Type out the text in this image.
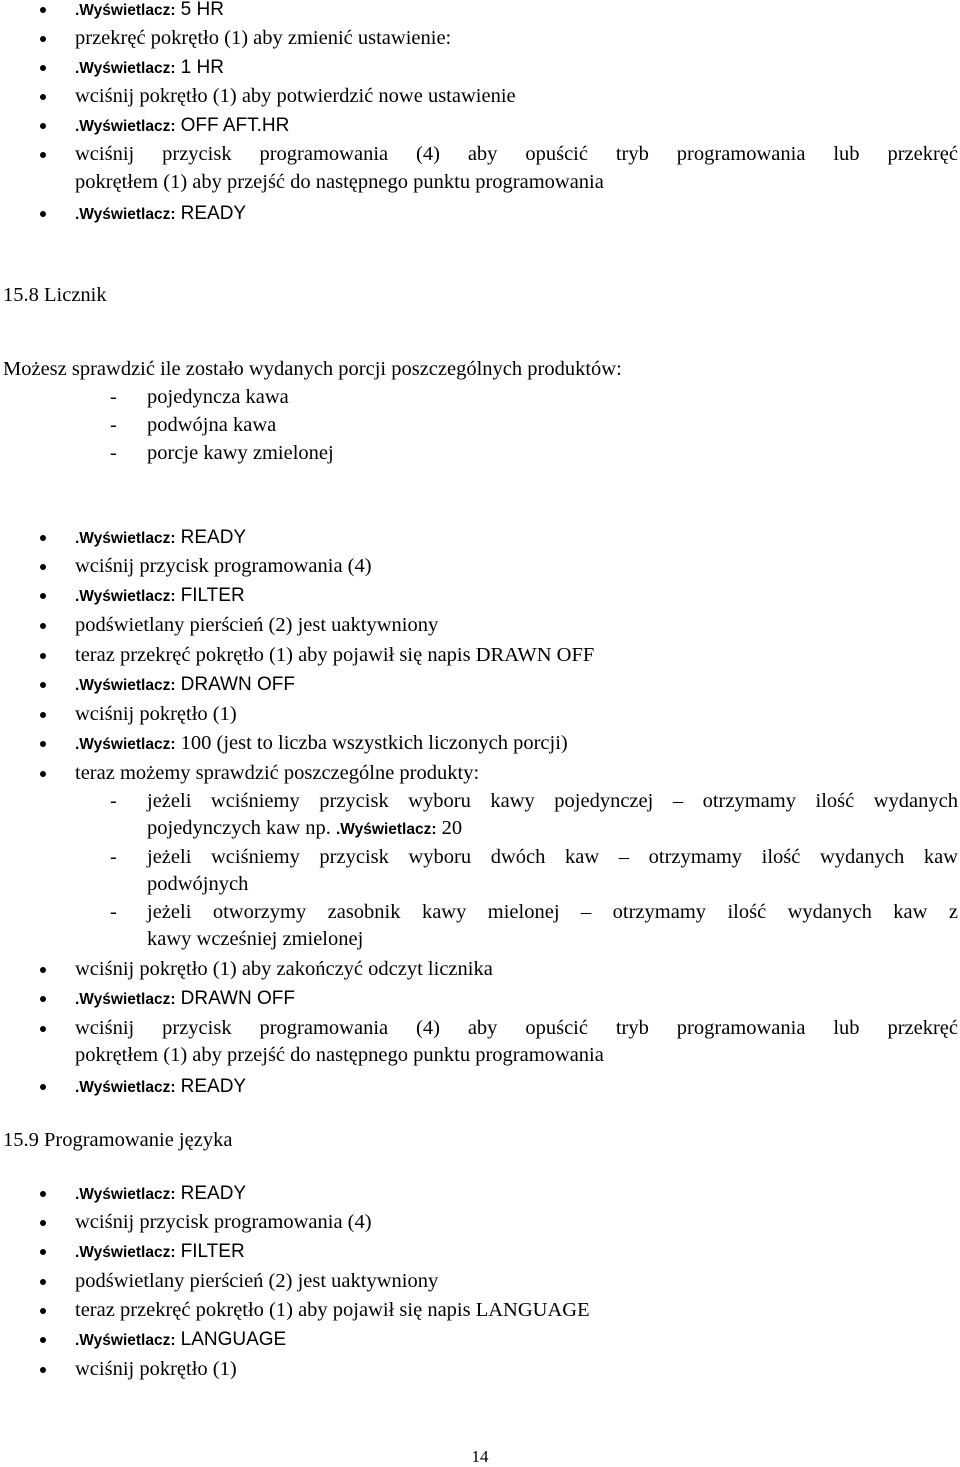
.Wyświetlacz: 5 HR
przekręć pokrętło (1) aby zmienić ustawienie:
.Wyświetlacz: 1 HR
wciśnij pokrętło (1) aby potwierdzić nowe ustawienie
.Wyświetlacz: OFF AFT.HR
wciśnij przycisk programowania (4) aby opuścić tryb programowania lub przekręć
pokrętłem (1) aby przejść do następnego punktu programowania
.Wyświetlacz: READY
15.8 Licznik
Możesz sprawdzić ile zostało wydanych porcji poszczególnych produktów:
- pojedyncza kawa
- podwójna kawa
- porcje kawy zmielonej
.Wyświetlacz: READY
wciśnij przycisk programowania (4)
.Wyświetlacz: FILTER
podświetlany pierścień (2) jest uaktywniony
teraz przekręć pokrętło (1) aby pojawił się napis DRAWN OFF
.Wyświetlacz: DRAWN OFF
wciśnij pokrętło (1)
.Wyświetlacz: 100 (jest to liczba wszystkich liczonych porcji)
teraz możemy sprawdzić poszczególne produkty:
- jeżeli wciśniemy przycisk wyboru kawy pojedynczej – otrzymamy ilość wydanych
pojedynczych kaw np. .Wyświetlacz: 20
- jeżeli wciśniemy przycisk wyboru dwóch kaw – otrzymamy ilość wydanych kaw
podwójnych
- jeżeli otworzymy zasobnik kawy mielonej – otrzymamy ilość wydanych kaw z
kawy wcześniej zmielonej
wciśnij pokrętło (1) aby zakończyć odczyt licznika
.Wyświetlacz: DRAWN OFF
wciśnij przycisk programowania (4) aby opuścić tryb programowania lub przekręć
pokrętłem (1) aby przejść do następnego punktu programowania
.Wyświetlacz: READY
15.9 Programowanie języka
.Wyświetlacz: READY
wciśnij przycisk programowania (4)
.Wyświetlacz: FILTER
podświetlany pierścień (2) jest uaktywniony
teraz przekręć pokrętło (1) aby pojawił się napis LANGUAGE
.Wyświetlacz: LANGUAGE
wciśnij pokrętło (1)
14
